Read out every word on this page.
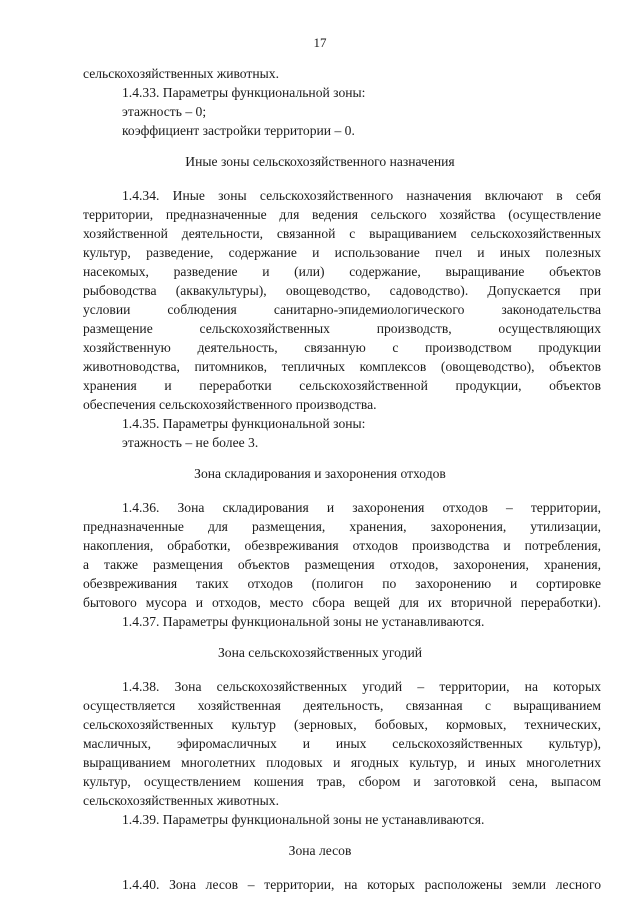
17
сельскохозяйственных животных.
1.4.33. Параметры функциональной зоны:
этажность – 0;
коэффициент застройки территории – 0.
Иные зоны сельскохозяйственного назначения
1.4.34. Иные зоны сельскохозяйственного назначения включают в себя
территории, предназначенные для ведения сельского хозяйства (осуществление
хозяйственной деятельности, связанной с выращиванием сельскохозяйственных
культур, разведение, содержание и использование пчел и иных полезных
насекомых, разведение и (или) содержание, выращивание объектов
рыбоводства (аквакультуры), овощеводство, садоводство). Допускается при
условии соблюдения санитарно-эпидемиологического законодательства
размещение сельскохозяйственных производств, осуществляющих
хозяйственную деятельность, связанную с производством продукции
животноводства, питомников, тепличных комплексов (овощеводство), объектов
хранения и переработки сельскохозяйственной продукции, объектов
обеспечения сельскохозяйственного производства.
1.4.35. Параметры функциональной зоны:
этажность – не более 3.
Зона складирования и захоронения отходов
1.4.36. Зона складирования и захоронения отходов – территории,
предназначенные для размещения, хранения, захоронения, утилизации,
накопления, обработки, обезвреживания отходов производства и потребления,
а также размещения объектов размещения отходов, захоронения, хранения,
обезвреживания таких отходов (полигон по захоронению и сортировке
бытового мусора и отходов, место сбора вещей для их вторичной переработки).
1.4.37. Параметры функциональной зоны не устанавливаются.
Зона сельскохозяйственных угодий
1.4.38. Зона сельскохозяйственных угодий – территории, на которых
осуществляется хозяйственная деятельность, связанная с выращиванием
сельскохозяйственных культур (зерновых, бобовых, кормовых, технических,
масличных, эфиромасличных и иных сельскохозяйственных культур),
выращиванием многолетних плодовых и ягодных культур, и иных многолетних
культур, осуществлением кошения трав, сбором и заготовкой сена, выпасом
сельскохозяйственных животных.
1.4.39. Параметры функциональной зоны не устанавливаются.
Зона лесов
1.4.40. Зона лесов – территории, на которых расположены земли лесного
